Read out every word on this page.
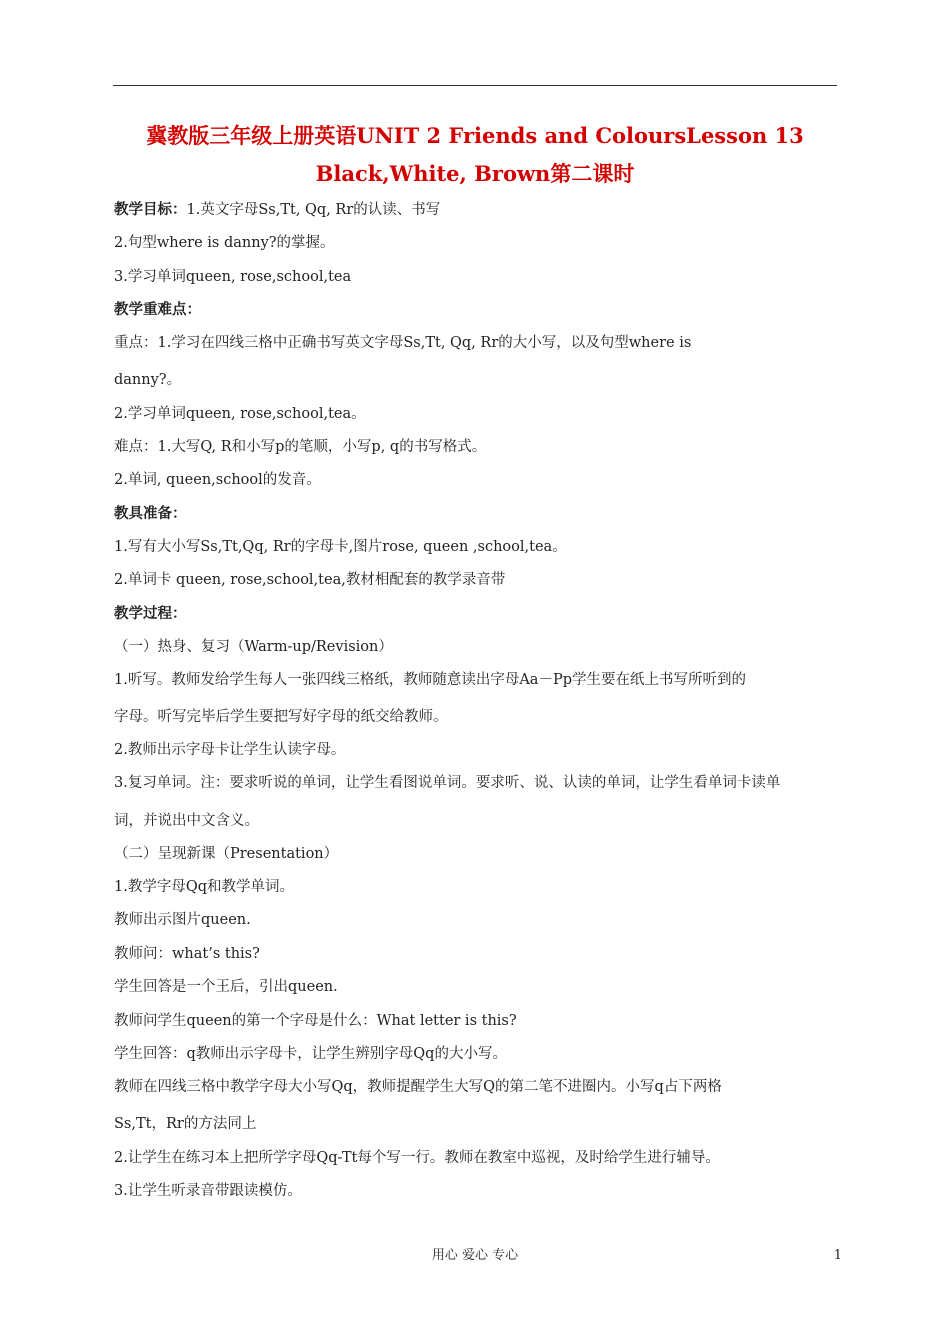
冀教版三年级上册英语UNIT 2 Friends and ColoursLesson 13
Black,White, Brown第二课时
教学目标：1.英文字母Ss,Tt, Qq, Rr的认读、书写
2.句型where is danny?的掌握。
3.学习单词queen, rose,school,tea
教学重难点：
重点：1.学习在四线三格中正确书写英文字母Ss,Tt, Qq, Rr的大小写，以及句型where is
danny?。
2.学习单词queen, rose,school,tea。
难点：1.大写Q, R和小写p的笔顺，小写p, q的书写格式。
2.单词, queen,school的发音。
教具准备：
1.写有大小写Ss,Tt,Qq, Rr的字母卡,图片rose, queen ,school,tea。
2.单词卡 queen, rose,school,tea,教材相配套的教学录音带
教学过程：
（一）热身、复习（Warm-up/Revision）
1.听写。教师发给学生每人一张四线三格纸，教师随意读出字母Aa－Pp学生要在纸上书写所听到的
字母。听写完毕后学生要把写好字母的纸交给教师。
2.教师出示字母卡让学生认读字母。
3.复习单词。注：要求听说的单词，让学生看图说单词。要求听、说、认读的单词，让学生看单词卡读单
词，并说出中文含义。
（二）呈现新课（Presentation）
1.教学字母Qq和教学单词。
教师出示图片queen.
教师问：what’s this?
学生回答是一个王后，引出queen.
教师问学生queen的第一个字母是什么：What letter is this?
学生回答：q教师出示字母卡，让学生辨别字母Qq的大小写。
教师在四线三格中教学字母大小写Qq，教师提醒学生大写Q的第二笔不进圈内。小写q占下两格
Ss,Tt，Rr的方法同上
2.让学生在练习本上把所学字母Qq-Tt每个写一行。教师在教室中巡视，及时给学生进行辅导。
3.让学生听录音带跟读模仿。
用心 爱心 专心	1
